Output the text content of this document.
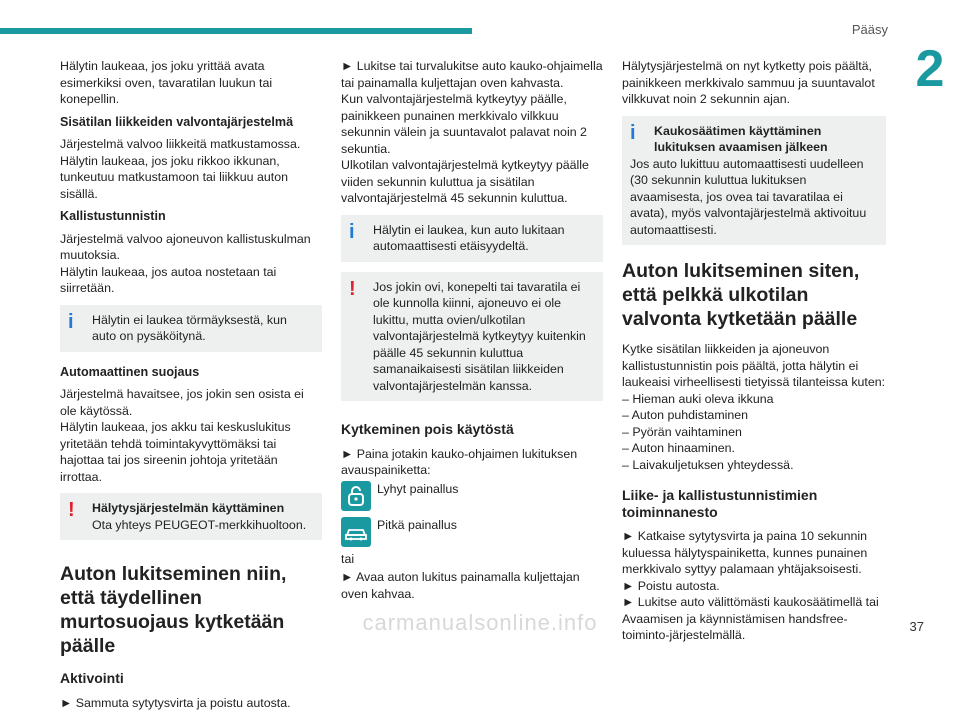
Pääsy
2

Hälytin laukeaa, jos joku yrittää avata esimerkiksi oven, tavaratilan luukun tai konepellin.

Sisätilan liikkeiden valvontajärjestelmä

Järjestelmä valvoo liikkeitä matkustamossa.
Hälytin laukeaa, jos joku rikkoo ikkunan, tunkeutuu matkustamoon tai liikkuu auton sisällä.

Kallistustunnistin

Järjestelmä valvoo ajoneuvon kallistuskulman muutoksia.
Hälytin laukeaa, jos autoa nostetaan tai siirretään.

i	Hälytin ei laukea törmäyksestä, kun auto on pysäköitynä.
Automaattinen suojaus

Järjestelmä havaitsee, jos jokin sen osista ei ole käytössä.
Hälytin laukeaa, jos akku tai keskuslukitus yritetään tehdä toimintakyvyttömäksi tai hajottaa tai jos sireenin johtoja yritetään irrottaa.

! Hälytysjärjestelmän käyttäminen
Ota yhteys PEUGEOT-merkkihuoltoon.
Auton lukitseminen niin, että täydellinen murtosuojaus kytketään päälle
Aktivointi

► Sammuta sytytysvirta ja poistu autosta.

► Lukitse tai turvalukitse auto kauko-ohjaimella tai painamalla kuljettajan oven kahvasta.
Kun valvontajärjestelmä kytkeytyy päälle, painikkeen punainen merkkivalo vilkkuu sekunnin välein ja suuntavalot palavat noin 2 sekuntia.
Ulkotilan valvontajärjestelmä kytkeytyy päälle viiden sekunnin kuluttua ja sisätilan valvontajärjestelmä 45 sekunnin kuluttua.

i	Hälytin ei laukea, kun auto lukitaan automaattisesti etäisyydeltä.
!	Jos jokin ovi, konepelti tai tavaratila ei ole kunnolla kiinni, ajoneuvo ei ole lukittu, mutta ovien/ulkotilan valvontajärjestelmä kytkeytyy kuitenkin päälle 45 sekunnin kuluttua samanaikaisesti sisätilan liikkeiden valvontajärjestelmän kanssa.
Kytkeminen pois käytöstä

► Paina jotakin kauko-ohjaimen lukituksen avauspainiketta:

Lyhyt painallus
Pitkä painallus

tai

► Avaa auton lukitus painamalla kuljettajan oven kahvaa.

Hälytysjärjestelmä on nyt kytketty pois päältä, painikkeen merkkivalo sammuu ja suuntavalot vilkkuvat noin 2 sekunnin ajan.

i	Kaukosäätimen käyttäminen lukituksen avaamisen jälkeen
Jos auto lukittuu automaattisesti uudelleen (30 sekunnin kuluttua lukituksen avaamisesta, jos ovea tai tavaratilaa ei avata), myös valvontajärjestelmä aktivoituu automaattisesti.
Auton lukitseminen siten, että pelkkä ulkotilan valvonta kytketään päälle

Kytke sisätilan liikkeiden ja ajoneuvon kallistustunnistin pois päältä, jotta hälytin ei laukeaisi virheellisesti tietyissä tilanteissa kuten:

– Hieman auki oleva ikkuna
– Auton puhdistaminen
– Pyörän vaihtaminen
– Auton hinaaminen.
– Laivakuljetuksen yhteydessä.
Liike- ja kallistustunnistimien toiminnanesto

► Katkaise sytytysvirta ja paina 10 sekunnin kuluessa hälytyspainiketta, kunnes punainen merkkivalo syttyy palamaan yhtäjaksoisesti.
► Poistu autosta.
► Lukitse auto välittömästi kaukosäätimellä tai Avaamisen ja käynnistämisen handsfree-toiminto-järjestelmällä.

carmanualsonline.info	37
